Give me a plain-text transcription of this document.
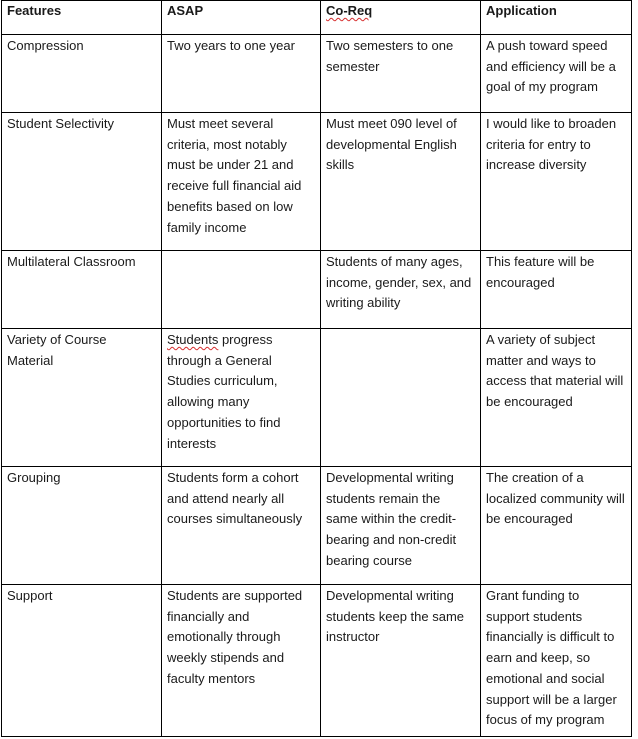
Features	ASAP	Co-Req	Application
Compression	Two years to one year	Two semesters to one semester	A push toward speed and efficiency will be a goal of my program
Student Selectivity	Must meet several criteria, most notably must be under 21 and receive full financial aid benefits based on low family income	Must meet 090 level of developmental English skills	I would like to broaden criteria for entry to increase diversity
Multilateral Classroom		Students of many ages, income, gender, sex, and writing ability	This feature will be encouraged
Variety of Course Material	Students progress through a General Studies curriculum, allowing many opportunities to find interests		A variety of subject matter and ways to access that material will be encouraged
Grouping	Students form a cohort and attend nearly all courses simultaneously	Developmental writing students remain the same within the credit-bearing and non-credit bearing course	The creation of a localized community will be encouraged
Support	Students are supported financially and emotionally through weekly stipends and faculty mentors	Developmental writing students keep the same instructor	Grant funding to support students financially is difficult to earn and keep, so emotional and social support will be a larger focus of my program
